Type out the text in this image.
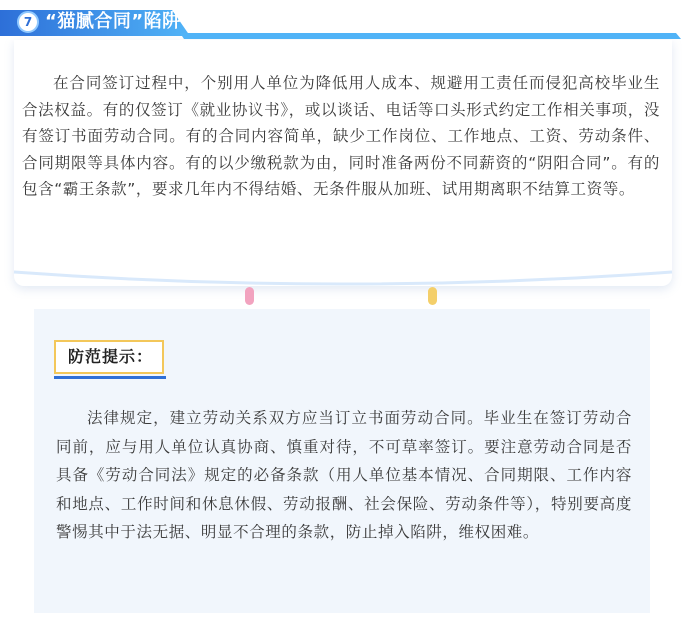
7 “猫腻合同”陷阱

在合同签订过程中，个别用人单位为降低用人成本、规避用工责任而侵犯高校毕业生合法权益。有的仅签订《就业协议书》，或以谈话、电话等口头形式约定工作相关事项，没有签订书面劳动合同。有的合同内容简单，缺少工作岗位、工作地点、工资、劳动条件、合同期限等具体内容。有的以少缴税款为由，同时准备两份不同薪资的“阴阳合同”。有的包含“霸王条款”，要求几年内不得结婚、无条件服从加班、试用期离职不结算工资等。

防范提示：

法律规定，建立劳动关系双方应当订立书面劳动合同。毕业生在签订劳动合同前，应与用人单位认真协商、慎重对待，不可草率签订。要注意劳动合同是否具备《劳动合同法》规定的必备条款（用人单位基本情况、合同期限、工作内容和地点、工作时间和休息休假、劳动报酬、社会保险、劳动条件等），特别要高度警惕其中于法无据、明显不合理的条款，防止掉入陷阱，维权困难。
